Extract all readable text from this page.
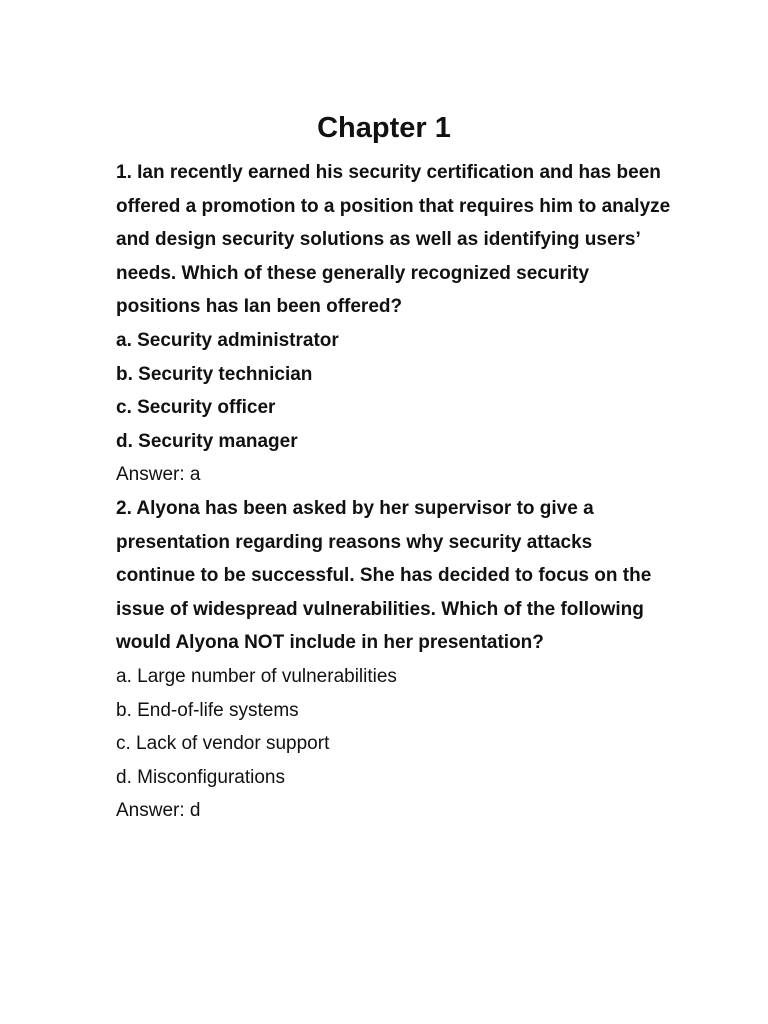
Chapter 1

1. Ian recently earned his security certification and has been offered a promotion to a position that requires him to analyze and design security solutions as well as identifying users’ needs. Which of these generally recognized security positions has Ian been offered?

a. Security administrator

b. Security technician

c. Security officer

d. Security manager

Answer: a

2. Alyona has been asked by her supervisor to give a presentation regarding reasons why security attacks continue to be successful. She has decided to focus on the issue of widespread vulnerabilities. Which of the following would Alyona NOT include in her presentation?

a. Large number of vulnerabilities

b. End-of-life systems

c. Lack of vendor support

d. Misconfigurations

Answer: d
